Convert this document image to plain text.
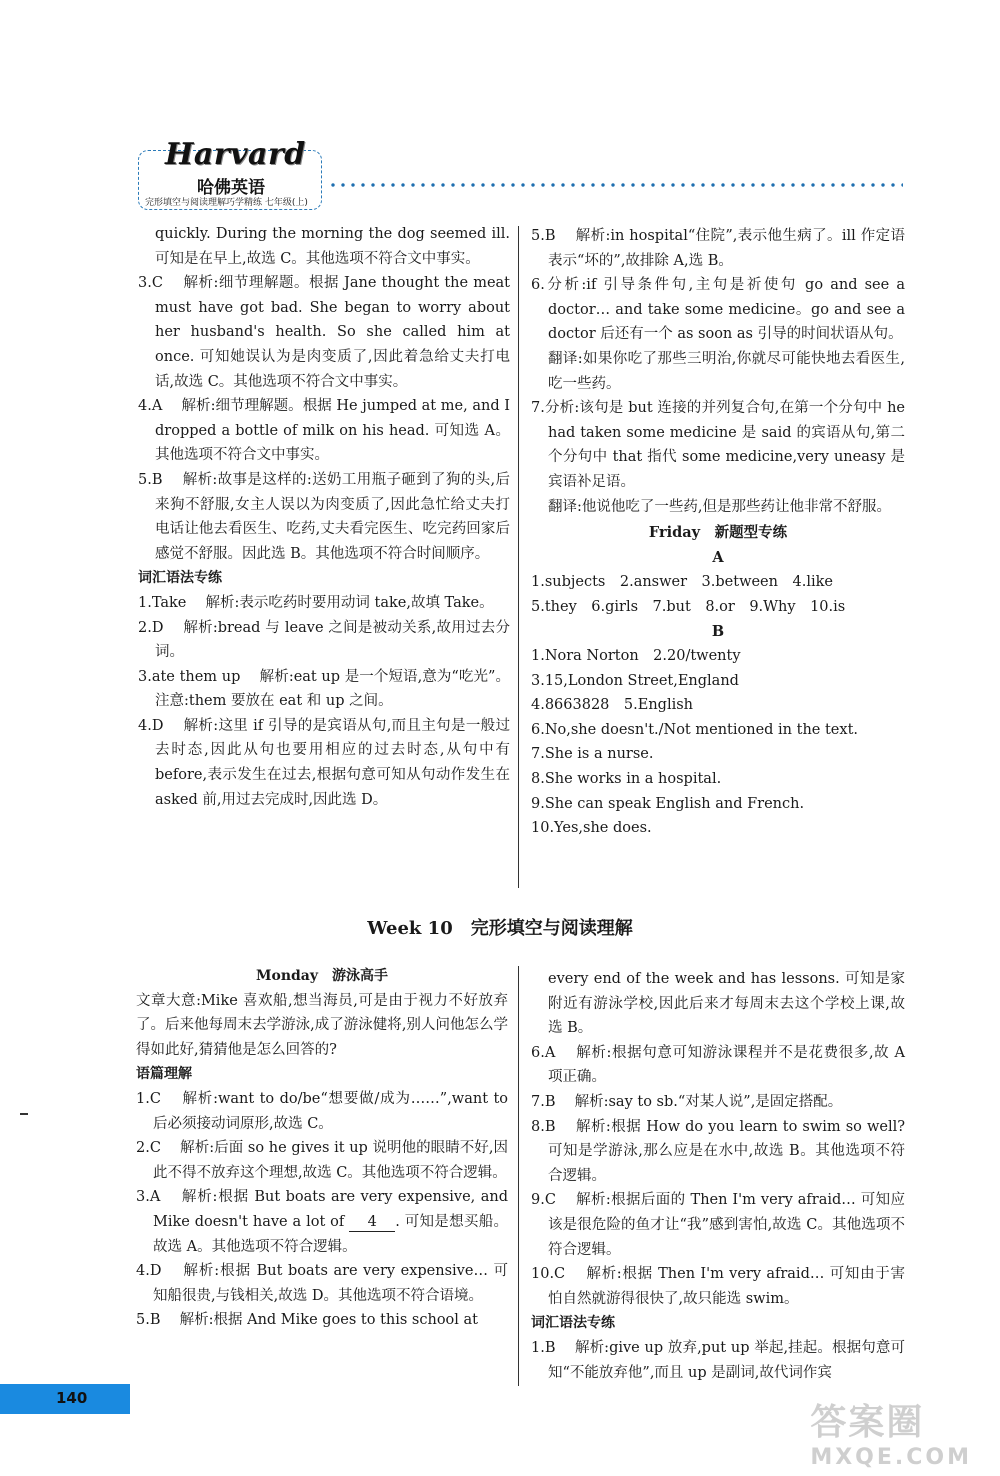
Harvard
哈佛英语
完形填空与阅读理解巧学精练 七年级(上)

quickly. During the morning the dog seemed ill. 可知是在早上,故选 C。其他选项不符合文中事实。

3.C　 解析:细节理解题。根据 Jane thought the meat must have got bad. She began to worry about her husband's health. So she called him at once. 可知她误认为是肉变质了,因此着急给丈夫打电话,故选 C。其他选项不符合文中事实。

4.A　 解析:细节理解题。根据 He jumped at me, and I dropped a bottle of milk on his head. 可知选 A。其他选项不符合文中事实。

5.B　 解析:故事是这样的:送奶工用瓶子砸到了狗的头,后来狗不舒服,女主人误以为肉变质了,因此急忙给丈夫打电话让他去看医生、吃药,丈夫看完医生、吃完药回家后感觉不舒服。因此选 B。其他选项不符合时间顺序。

词汇语法专练

1.Take　 解析:表示吃药时要用动词 take,故填 Take。

2.D　 解析:bread 与 leave 之间是被动关系,故用过去分词。

3.ate them up　 解析:eat up 是一个短语,意为“吃光”。注意:them 要放在 eat 和 up 之间。

4.D　 解析:这里 if 引导的是宾语从句,而且主句是一般过去时态,因此从句也要用相应的过去时态,从句中有 before,表示发生在过去,根据句意可知从句动作发生在 asked 前,用过去完成时,因此选 D。

5.B　 解析:in hospital“住院”,表示他生病了。ill 作定语表示“坏的”,故排除 A,选 B。

6.分析:if 引导条件句,主句是祈使句 go and see a doctor… and take some medicine。go and see a doctor 后还有一个 as soon as 引导的时间状语从句。

翻译:如果你吃了那些三明治,你就尽可能快地去看医生,吃一些药。

7.分析:该句是 but 连接的并列复合句,在第一个分句中 he had taken some medicine 是 said 的宾语从句,第二个分句中 that 指代 some medicine,very uneasy 是宾语补足语。

翻译:他说他吃了一些药,但是那些药让他非常不舒服。

Friday　新题型专练

A

1.subjects　2.answer　3.between　4.like

5.they　6.girls　7.but　8.or　9.Why　10.is

B

1.Nora Norton　2.20/twenty

3.15,London Street,England

4.8663828　5.English

6.No,she doesn't./Not mentioned in the text.

7.She is a nurse.

8.She works in a hospital.

9.She can speak English and French.

10.Yes,she does.

Week 10　完形填空与阅读理解

Monday　游泳高手

文章大意:Mike 喜欢船,想当海员,可是由于视力不好放弃了。后来他每周末去学游泳,成了游泳健将,别人问他怎么学得如此好,猜猜他是怎么回答的?

语篇理解

1.C　 解析:want to do/be“想要做/成为……”,want to 后必须接动词原形,故选 C。

2.C　 解析:后面 so he gives it up 说明他的眼睛不好,因此不得不放弃这个理想,故选 C。其他选项不符合逻辑。

3.A　 解析:根据 But boats are very expensive, and Mike doesn't have a lot of 4 . 可知是想买船。故选 A。其他选项不符合逻辑。

4.D　 解析:根据 But boats are very expensive… 可知船很贵,与钱相关,故选 D。其他选项不符合语境。

5.B　 解析:根据 And Mike goes to this school at

every end of the week and has lessons. 可知是家附近有游泳学校,因此后来才每周末去这个学校上课,故选 B。

6.A　 解析:根据句意可知游泳课程并不是花费很多,故 A 项正确。

7.B　 解析:say to sb.“对某人说”,是固定搭配。

8.B　 解析:根据 How do you learn to swim so well? 可知是学游泳,那么应是在水中,故选 B。其他选项不符合逻辑。

9.C　 解析:根据后面的 Then I'm very afraid… 可知应该是很危险的鱼才让“我”感到害怕,故选 C。其他选项不符合逻辑。

10.C　 解析:根据 Then I'm very afraid… 可知由于害怕自然就游得很快了,故只能选 swim。

词汇语法专练

1.B　 解析:give up 放弃,put up 举起,挂起。根据句意可知“不能放弃他”,而且 up 是副词,故代词作宾

140
答案圈
MXQE.COM
